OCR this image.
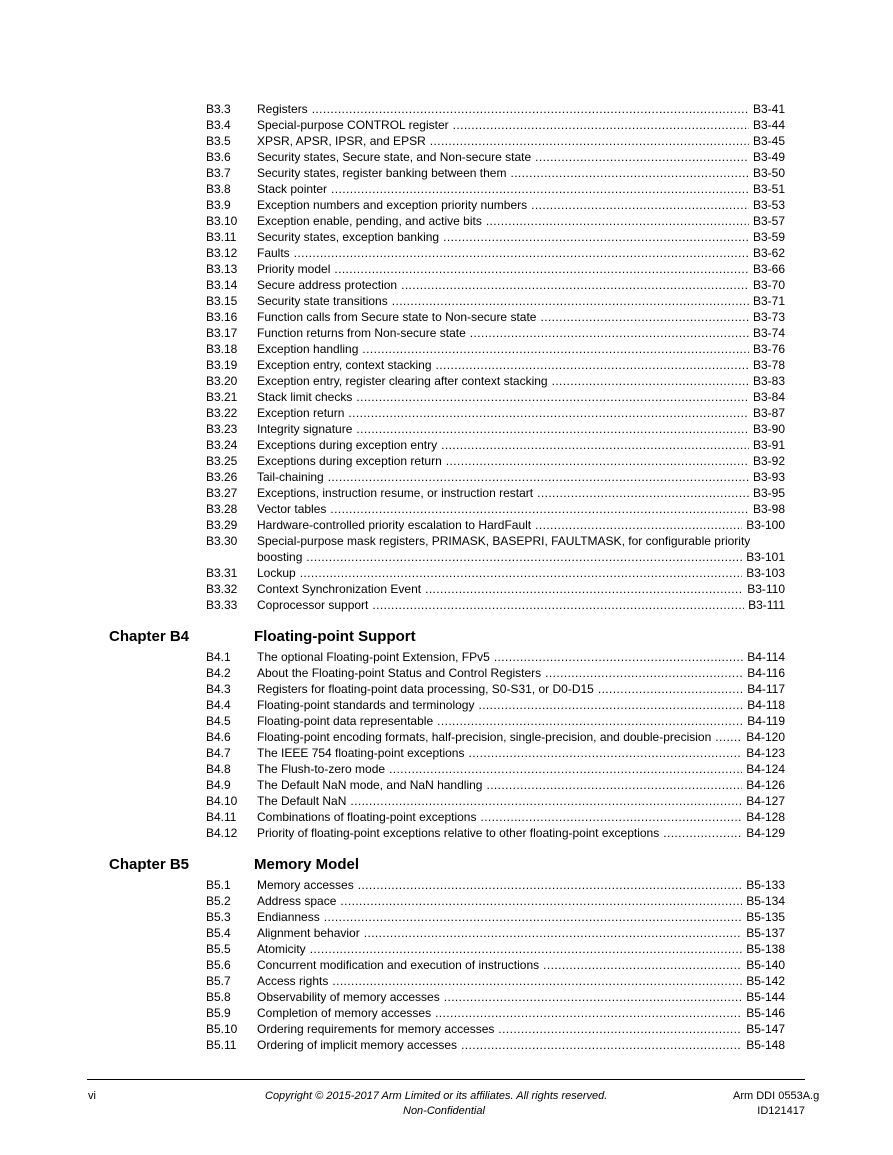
B3.3 Registers .....	B3-41
B3.4 Special-purpose CONTROL register .....	B3-44
B3.5 XPSR, APSR, IPSR, and EPSR .....	B3-45
B3.6 Security states, Secure state, and Non-secure state .....	B3-49
B3.7 Security states, register banking between them .....	B3-50
B3.8 Stack pointer .....	B3-51
B3.9 Exception numbers and exception priority numbers .....	B3-53
B3.10 Exception enable, pending, and active bits .....	B3-57
B3.11 Security states, exception banking .....	B3-59
B3.12 Faults .....	B3-62
B3.13 Priority model .....	B3-66
B3.14 Secure address protection .....	B3-70
B3.15 Security state transitions .....	B3-71
B3.16 Function calls from Secure state to Non-secure state .....	B3-73
B3.17 Function returns from Non-secure state .....	B3-74
B3.18 Exception handling .....	B3-76
B3.19 Exception entry, context stacking .....	B3-78
B3.20 Exception entry, register clearing after context stacking .....	B3-83
B3.21 Stack limit checks .....	B3-84
B3.22 Exception return .....	B3-87
B3.23 Integrity signature .....	B3-90
B3.24 Exceptions during exception entry .....	B3-91
B3.25 Exceptions during exception return .....	B3-92
B3.26 Tail-chaining .....	B3-93
B3.27 Exceptions, instruction resume, or instruction restart .....	B3-95
B3.28 Vector tables .....	B3-98
B3.29 Hardware-controlled priority escalation to HardFault .....	B3-100
B3.30 Special-purpose mask registers, PRIMASK, BASEPRI, FAULTMASK, for configurable priority
boosting .....	B3-101
B3.31 Lockup .....	B3-103
B3.32 Context Synchronization Event .....	B3-110
B3.33 Coprocessor support .....	B3-111
Chapter B4	Floating-point Support
B4.1 The optional Floating-point Extension, FPv5 .....	B4-114
B4.2 About the Floating-point Status and Control Registers .....	B4-116
B4.3 Registers for floating-point data processing, S0-S31, or D0-D15 .....	B4-117
B4.4 Floating-point standards and terminology .....	B4-118
B4.5 Floating-point data representable .....	B4-119
B4.6 Floating-point encoding formats, half-precision, single-precision, and double-precision .....	B4-120
B4.7 The IEEE 754 floating-point exceptions .....	B4-123
B4.8 The Flush-to-zero mode .....	B4-124
B4.9 The Default NaN mode, and NaN handling .....	B4-126
B4.10 The Default NaN .....	B4-127
B4.11 Combinations of floating-point exceptions .....	B4-128
B4.12 Priority of floating-point exceptions relative to other floating-point exceptions .....	B4-129
Chapter B5	Memory Model
B5.1 Memory accesses .....	B5-133
B5.2 Address space .....	B5-134
B5.3 Endianness .....	B5-135
B5.4 Alignment behavior .....	B5-137
B5.5 Atomicity .....	B5-138
B5.6 Concurrent modification and execution of instructions .....	B5-140
B5.7 Access rights .....	B5-142
B5.8 Observability of memory accesses .....	B5-144
B5.9 Completion of memory accesses .....	B5-146
B5.10 Ordering requirements for memory accesses .....	B5-147
B5.11 Ordering of implicit memory accesses .....	B5-148
vi	Copyright © 2015-2017 Arm Limited or its affiliates. All rights reserved.
Non-Confidential
Arm DDI 0553A.g
ID121417
